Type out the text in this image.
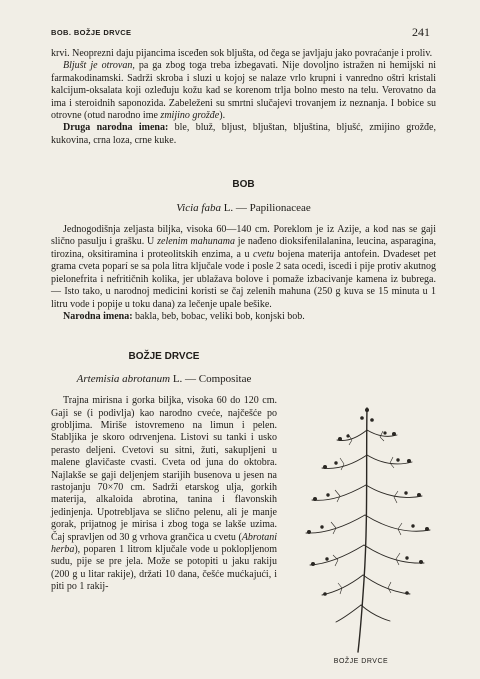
BOB. BOŽJE DRVCE	241

krvi. Neoprezni daju pijancima isceđen sok bljušta, od čega se javljaju jako povraćanje i proliv.

Bljušt je otrovan, pa ga zbog toga treba izbegavati. Nije dovoljno istražen ni hemijski ni farmakodinamski. Sadrži skroba i sluzi u kojoj se nalaze vrlo krupni i vanredno oštri kristali kalcijum-oksalata koji ozleđuju kožu kad se korenom trlja bolno mesto na telu. Verovatno da ima i steroidnih saponozida. Zabeleženi su smrtni slučajevi trovanjem iz neznanja. I bobice su otrovne (otud narodno ime zmijino grožđe).

Druga narodna imena: ble, bluž, bljust, bljuštan, bljuština, bljušć, zmijino grožđe, kukovina, crna loza, crne kuke.

BOB

Vicia faba L. — Papilionaceae

Jednogodišnja zeljasta biljka, visoka 60—140 cm. Poreklom je iz Azije, a kod nas se gaji slično pasulju i grašku. U zelenim mahunama je nađeno dioksifenilalanina, leucina, asparagina, tirozina, oksitiramina i proteolitskih enzima, a u cvetu bojena materija antofein. Dvadeset pet grama cveta poparí se sa pola litra ključale vode i posle 2 sata ocedi, iscedi i pije protiv akutnog pielonefrita i nefritičnih kolika, jer ublažava bolove i pomaže izbacivanje kamena iz bubrega. — Isto tako, u narodnoj medicini koristi se čaj zelenih mahuna (250 g kuva se 15 minuta u 1 litru vode i popije u toku dana) za lečenje upale bešike.

Narodna imena: bakla, beb, bobac, veliki bob, konjski bob.

BOŽJE DRVCE

Artemisia abrotanum L. — Compositae

Trajna mirisna i gorka biljka, visoka 60 do 120 cm. Gaji se (i podivlja) kao narodno cveće, najčešće po grobljima. Miriše istovremeno na limun i pelen. Stabljika je skoro odrvenjena. Listovi su tanki i usko perasto deljeni. Cvetovi su sitni, žuti, sakupljeni u malene glavičaste cvasti. Cveta od juna do oktobra. Najlakše se gaji deljenjem starijih busenova u jesen na rastojanju 70×70 cm. Sadrži etarskog ulja, gorkih materija, alkaloida abrotina, tanina i flavonskih jedinjenja. Upotrebljava se slično pelenu, ali je manje gorak, prijatnog je mirisa i zbog toga se lakše uzima. Čaj spravljen od 30 g vrhova grančica u cvetu (Abrotani herba), poparen 1 litrom ključale vode u poklopljenom sudu, pije se pre jela. Može se potopiti u jaku rakiju (200 g u litar rakije), držati 10 dana, češće mućkajući, i piti po 1 rakij-

BOŽJE DRVCE
